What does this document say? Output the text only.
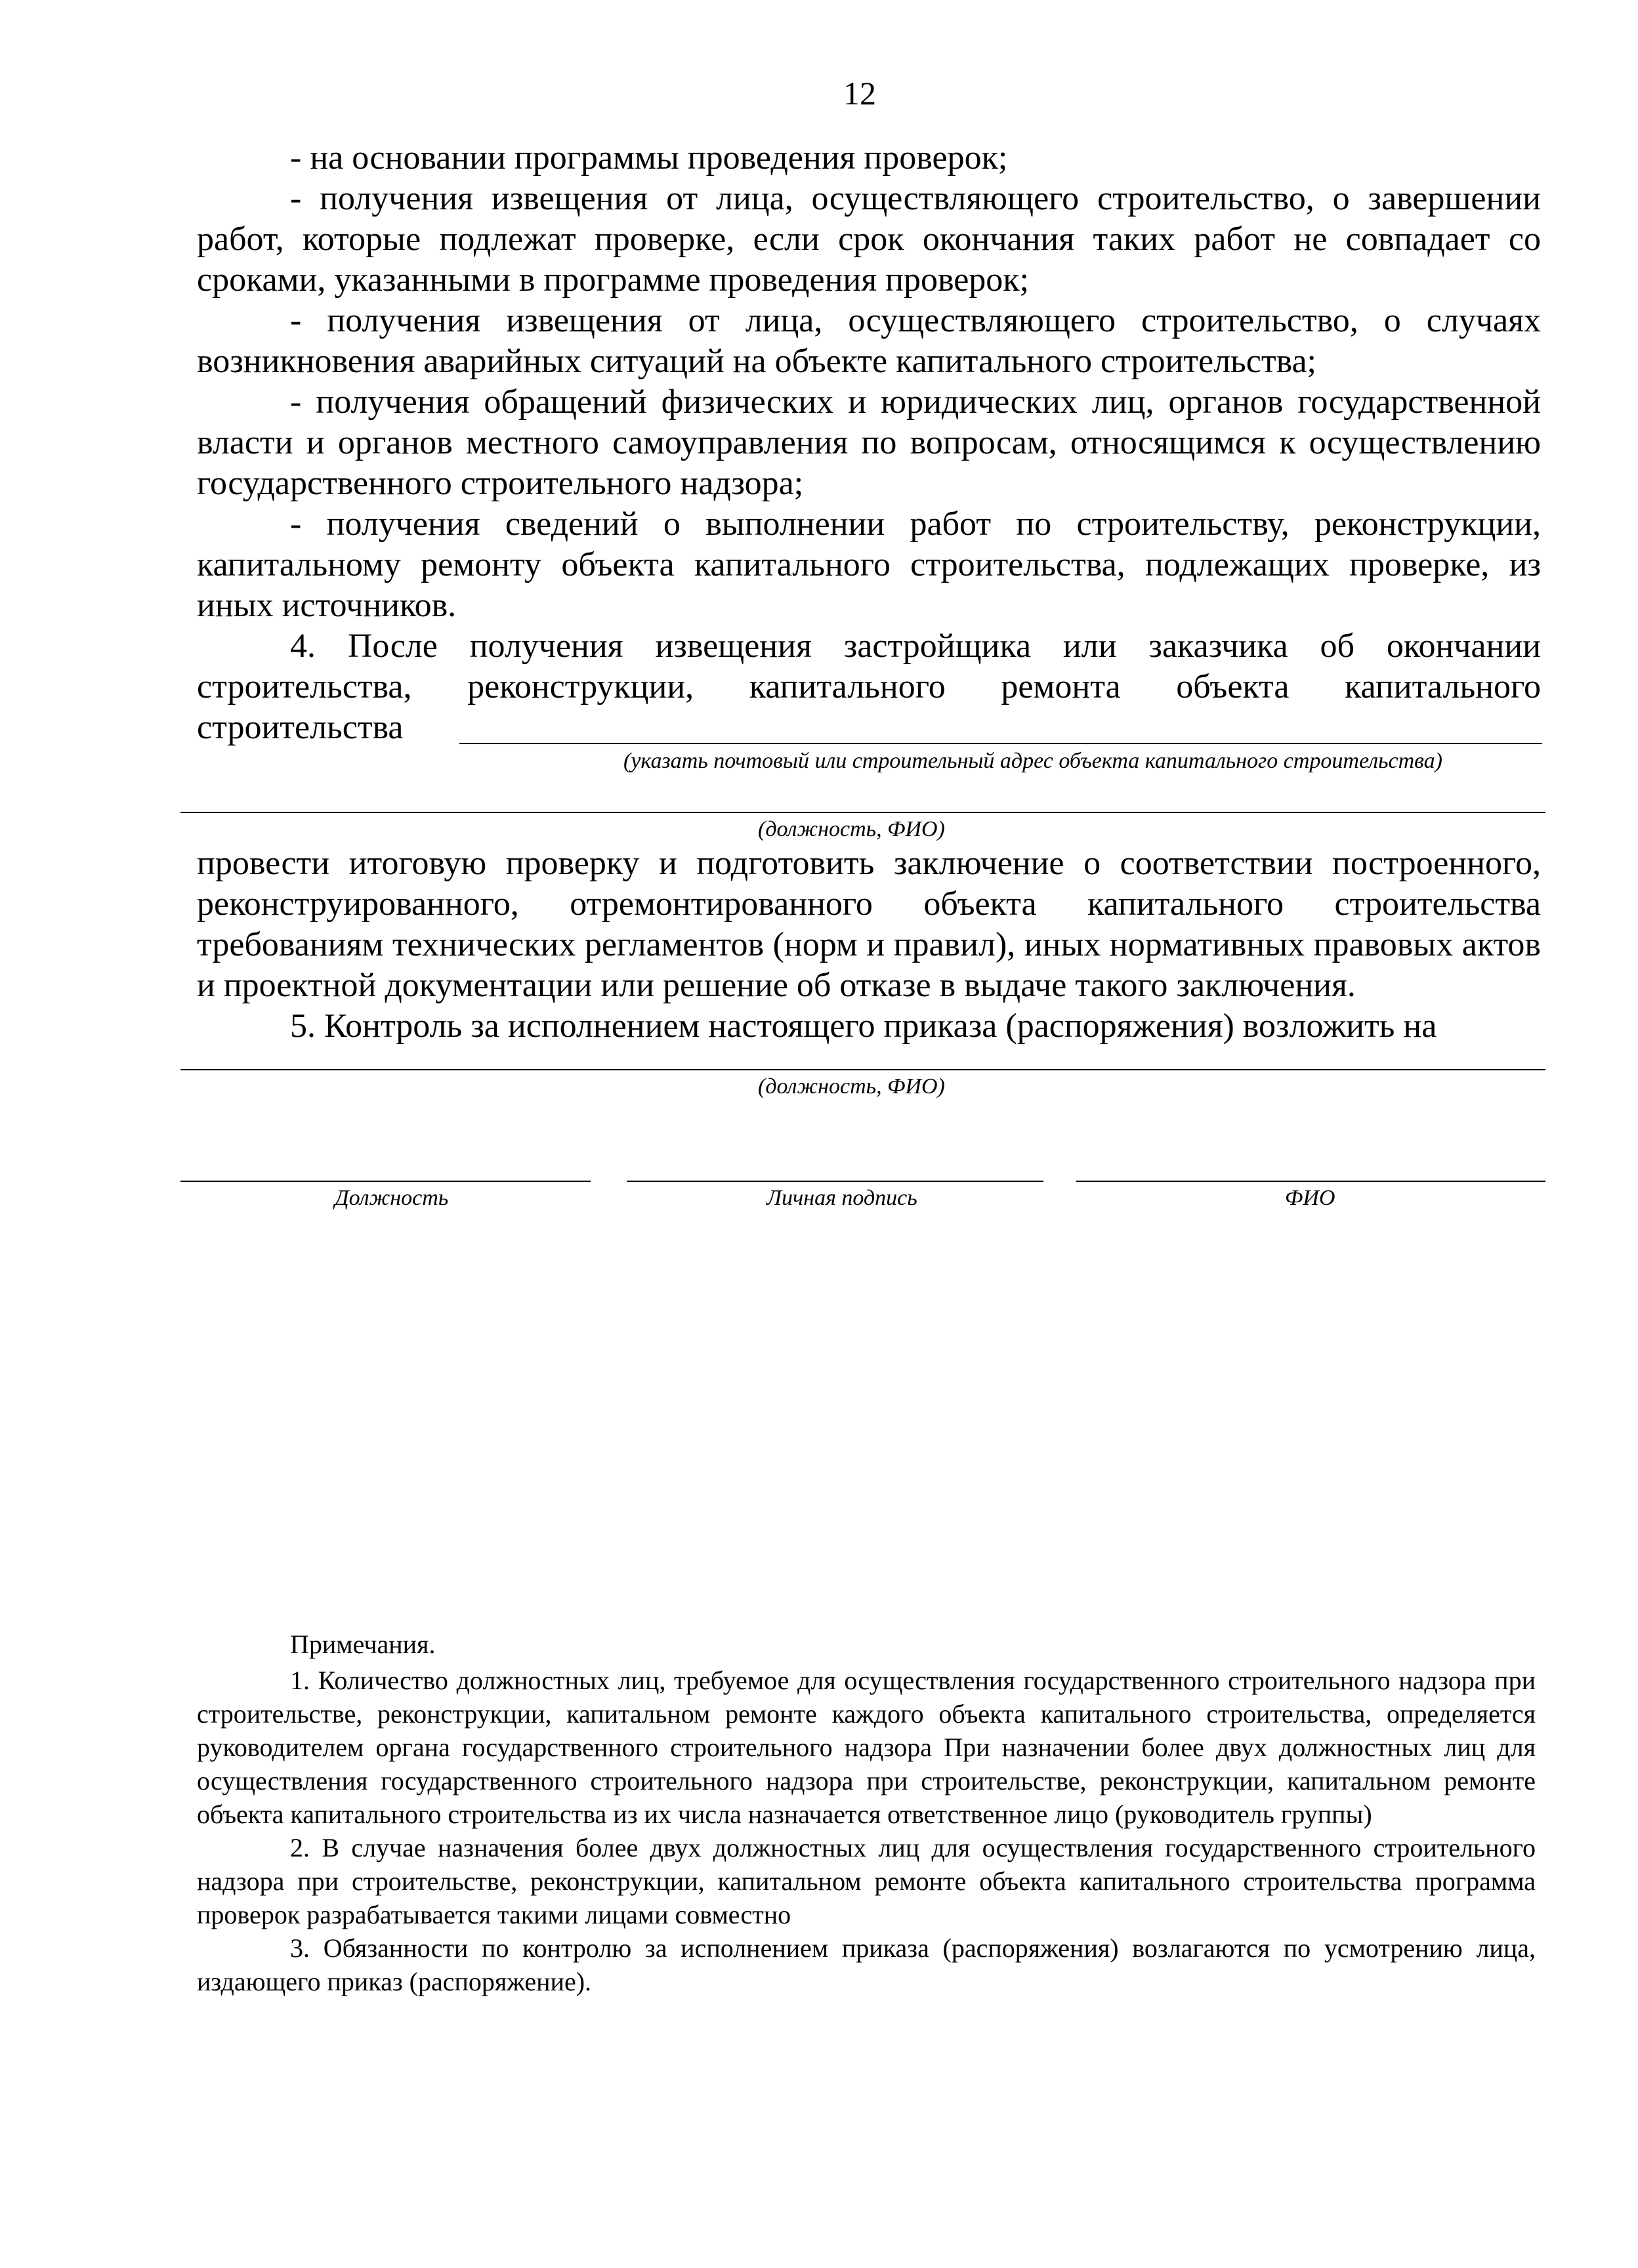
12

- на основании программы проведения проверок;

- получения извещения от лица, осуществляющего строительство, о завершении работ, которые подлежат проверке, если срок окончания таких работ не совпадает со сроками, указанными в программе проведения проверок;

- получения извещения от лица, осуществляющего строительство, о случаях возникновения аварийных ситуаций на объекте капитального строительства;

- получения обращений физических и юридических лиц, органов государственной власти и органов местного самоуправления по вопросам, относящимся к осуществлению государственного строительного надзора;

- получения сведений о выполнении работ по строительству, реконструкции, капитальному ремонту объекта капитального строительства, подлежащих проверке, из иных источников.

4. После получения извещения застройщика или заказчика об окончании строительства, реконструкции, капитального ремонта объекта капитального

строительства

(указать почтовый или строительный адрес объекта капитального строительства)
(должность, ФИО)

провести итоговую проверку и подготовить заключение о соответствии построенного, реконструированного, отремонтированного объекта капитального строительства требованиям технических регламентов (норм и правил), иных нормативных правовых актов и проектной документации или решение об отказе в выдаче такого заключения.

5. Контроль за исполнением настоящего приказа (распоряжения) возложить на

(должность, ФИО)
Должность	Личная подпись	ФИО

Примечания.

1. Количество должностных лиц, требуемое для осуществления государственного строительного надзора при строительстве, реконструкции, капитальном ремонте каждого объекта капитального строительства, определяется руководителем органа государственного строительного надзора При назначении более двух должностных лиц для осуществления государственного строительного надзора при строительстве, реконструкции, капитальном ремонте объекта капитального строительства из их числа назначается ответственное лицо (руководитель группы)

2. В случае назначения более двух должностных лиц для осуществления государственного строительного надзора при строительстве, реконструкции, капитальном ремонте объекта капитального строительства программа проверок разрабатывается такими лицами совместно

3. Обязанности по контролю за исполнением приказа (распоряжения) возлагаются по усмотрению лица, издающего приказ (распоряжение).
